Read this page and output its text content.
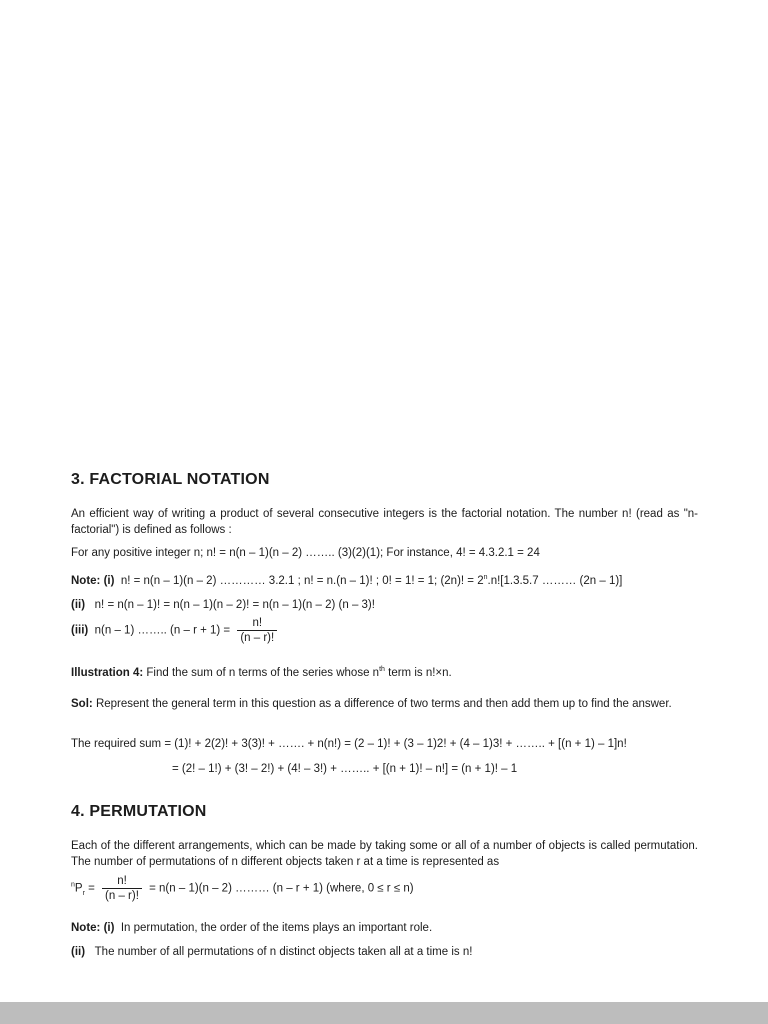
3. FACTORIAL NOTATION

An efficient way of writing a product of several consecutive integers is the factorial notation. The number n! (read as "n-factorial") is defined as follows :

For any positive integer n; n! = n(n – 1)(n – 2) …….. (3)(2)(1); For instance, 4! = 4.3.2.1 = 24
Note: (i) n! = n(n – 1)(n – 2) ………… 3.2.1 ; n! = n.(n – 1)! ; 0! = 1! = 1; (2n)! = $2^n.n![1.3.5.7$ ……… (2n – 1)]
(ii) n! = n(n – 1)! = n(n – 1)(n – 2)! = n(n – 1)(n – 2) (n – 3)!
(iii) n(n – 1) …….. $(n - r + 1) = \frac{n!}{(n - r)!}$
Illustration 4: Find the sum of n terms of the series whose $n^{th}$ term is n!×n.

Sol: Represent the general term in this question as a difference of two terms and then add them up to find the answer.

The required sum = (1)! + 2(2)! + 3(3)! + ……. + n(n!) = (2 – 1)! + (3 – 1)2! + (4 – 1)3! + …….. + [(n + 1) – 1]n!
= (2! – 1!) + (3! – 2!) + (4! – 3!) + …….. + [(n + 1)! – n!] = (n + 1)! – 1
4. PERMUTATION

Each of the different arrangements, which can be made by taking some or all of a number of objects is called permutation. The number of permutations of n different objects taken r at a time is represented as

$^nP_r = \frac{n!}{(n - r)!} = n(n - 1)(n - 2)$ ……… (n – r + 1) (where, 0 ≤ r ≤ n)
Note: (i) In permutation, the order of the items plays an important role.
(ii) The number of all permutations of n distinct objects taken all at a time is n!
